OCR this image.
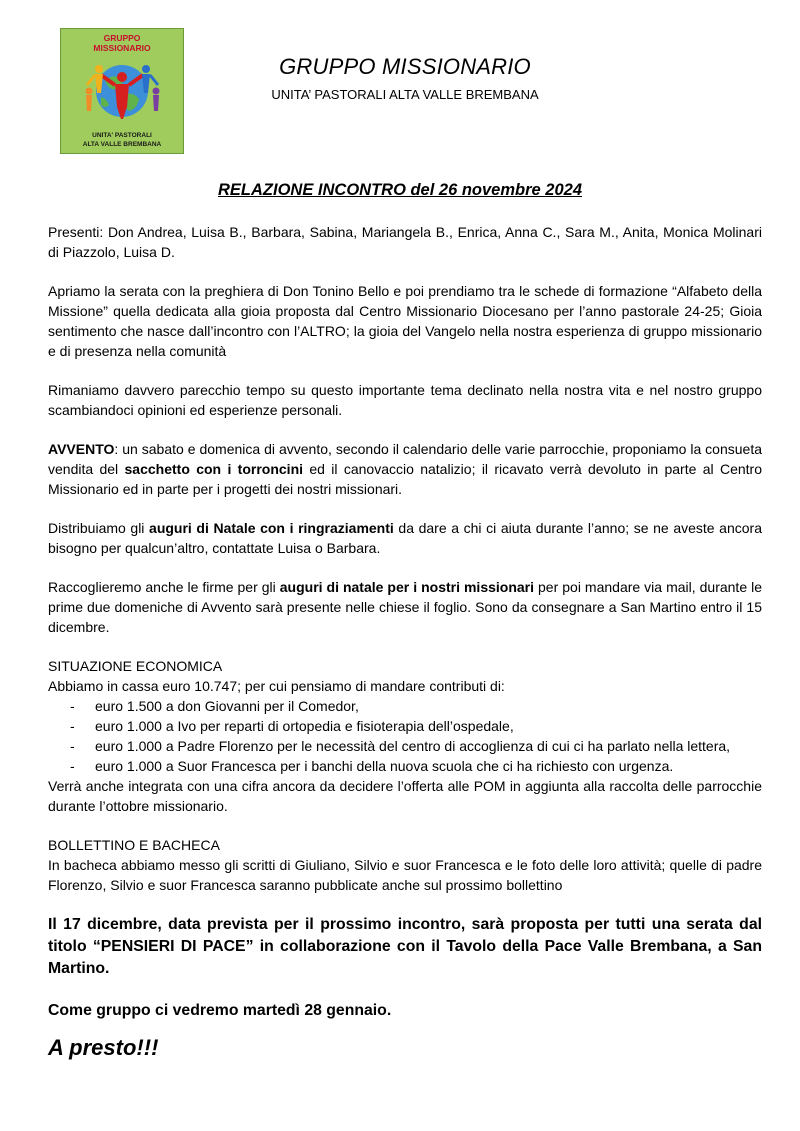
GRUPPO
MISSIONARIO
UNITA' PASTORALI
ALTA VALLE BREMBANA
GRUPPO MISSIONARIO
UNITA’ PASTORALI ALTA VALLE BREMBANA
RELAZIONE INCONTRO del 26 novembre 2024

Presenti: Don Andrea, Luisa B., Barbara, Sabina, Mariangela B., Enrica, Anna C., Sara M., Anita, Monica Molinari di Piazzolo, Luisa D.

Apriamo la serata con la preghiera di Don Tonino Bello e poi prendiamo tra le schede di formazione “Alfabeto della Missione” quella dedicata alla gioia proposta dal Centro Missionario Diocesano per l’anno pastorale 24-25; Gioia sentimento che nasce dall’incontro con l’ALTRO; la gioia del Vangelo nella nostra esperienza di gruppo missionario e di presenza nella comunità

Rimaniamo davvero parecchio tempo su questo importante tema declinato nella nostra vita e nel nostro gruppo scambiandoci opinioni ed esperienze personali.

AVVENTO: un sabato e domenica di avvento, secondo il calendario delle varie parrocchie, proponiamo la consueta vendita del sacchetto con i torroncini ed il canovaccio natalizio; il ricavato verrà devoluto in parte al Centro Missionario ed in parte per i progetti dei nostri missionari.

Distribuiamo gli auguri di Natale con i ringraziamenti da dare a chi ci aiuta durante l’anno; se ne aveste ancora bisogno per qualcun’altro, contattate Luisa o Barbara.

Raccoglieremo anche le firme per gli auguri di natale per i nostri missionari per poi mandare via mail, durante le prime due domeniche di Avvento sarà presente nelle chiese il foglio. Sono da consegnare a San Martino entro il 15 dicembre.

SITUAZIONE ECONOMICA

Abbiamo in cassa euro 10.747; per cui pensiamo di mandare contributi di:

- euro 1.500 a don Giovanni per il Comedor,
- euro 1.000 a Ivo per reparti di ortopedia e fisioterapia dell’ospedale,
- euro 1.000 a Padre Florenzo per le necessità del centro di accoglienza di cui ci ha parlato nella lettera,
- euro 1.000 a Suor Francesca per i banchi della nuova scuola che ci ha richiesto con urgenza.

Verrà anche integrata con una cifra ancora da decidere l’offerta alle POM in aggiunta alla raccolta delle parrocchie durante l’ottobre missionario.

BOLLETTINO E BACHECA

In bacheca abbiamo messo gli scritti di Giuliano, Silvio e suor Francesca e le foto delle loro attività; quelle di padre Florenzo, Silvio e suor Francesca saranno pubblicate anche sul prossimo bollettino

Il 17 dicembre, data prevista per il prossimo incontro, sarà proposta per tutti una serata dal titolo “PENSIERI DI PACE” in collaborazione con il Tavolo della Pace Valle Brembana, a San Martino.
Come gruppo ci vedremo martedì 28 gennaio.
A presto!!!
